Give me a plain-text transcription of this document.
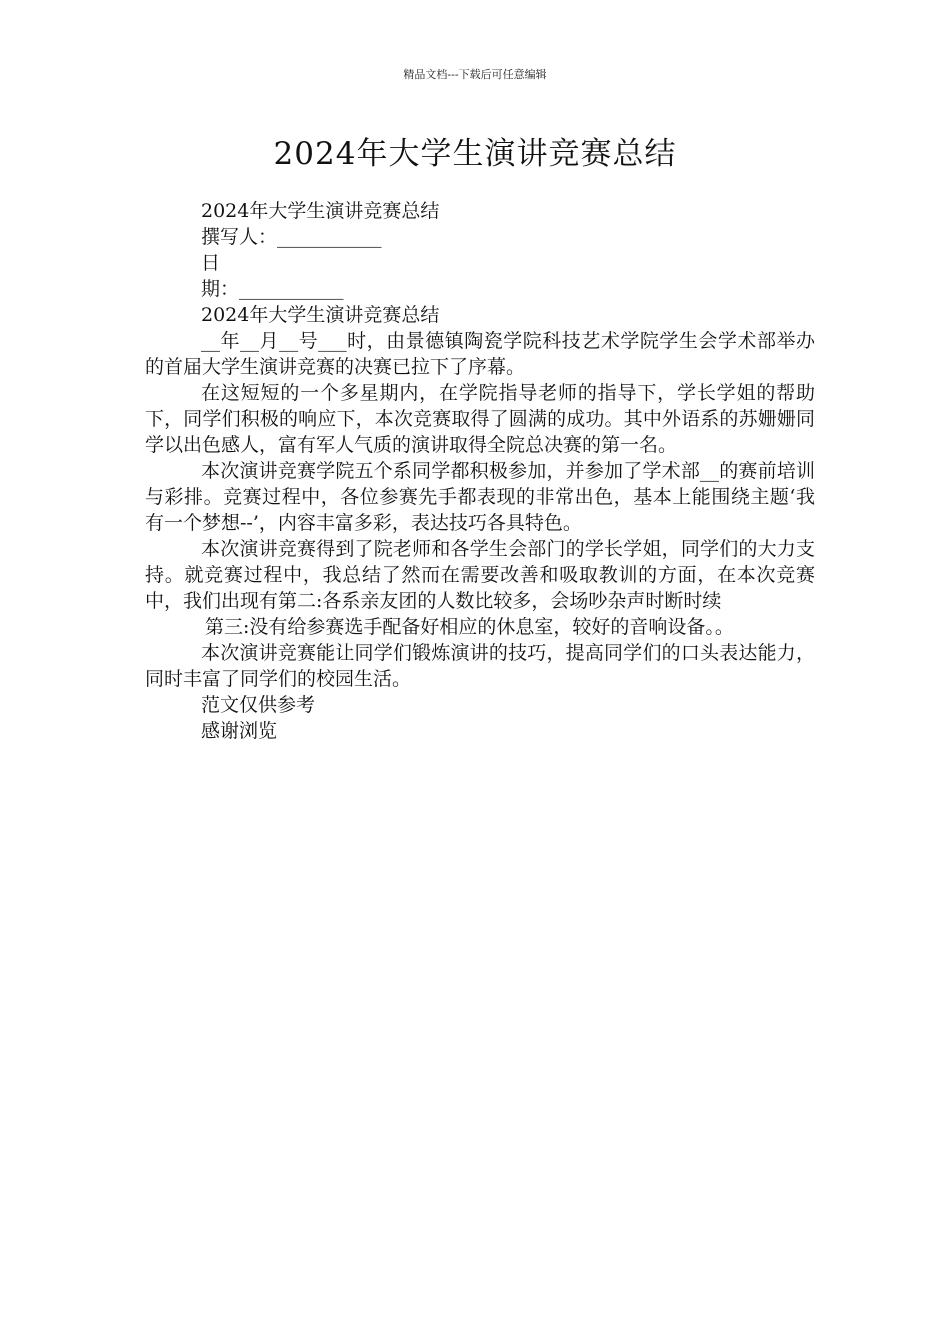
精品文档---下载后可任意编辑
2024年大学生演讲竞赛总结

2024年大学生演讲竞赛总结

撰写人：___________

日

期：___________

2024年大学生演讲竞赛总结

__年__月__号___时，由景德镇陶瓷学院科技艺术学院学生会学术部举办的首届大学生演讲竞赛的决赛已拉下了序幕。

在这短短的一个多星期内，在学院指导老师的指导下，学长学姐的帮助下，同学们积极的响应下，本次竞赛取得了圆满的成功。其中外语系的苏姗姗同学以出色感人，富有军人气质的演讲取得全院总决赛的第一名。

本次演讲竞赛学院五个系同学都积极参加，并参加了学术部__的赛前培训与彩排。竞赛过程中，各位参赛先手都表现的非常出色，基本上能围绕主题‘我有一个梦想--’，内容丰富多彩，表达技巧各具特色。

本次演讲竞赛得到了院老师和各学生会部门的学长学姐，同学们的大力支持。就竞赛过程中，我总结了然而在需要改善和吸取教训的方面，在本次竞赛中，我们出现有第二:各系亲友团的人数比较多，会场吵杂声时断时续

第三:没有给参赛选手配备好相应的休息室，较好的音响设备。。

本次演讲竞赛能让同学们锻炼演讲的技巧，提高同学们的口头表达能力，同时丰富了同学们的校园生活。

范文仅供参考

感谢浏览
